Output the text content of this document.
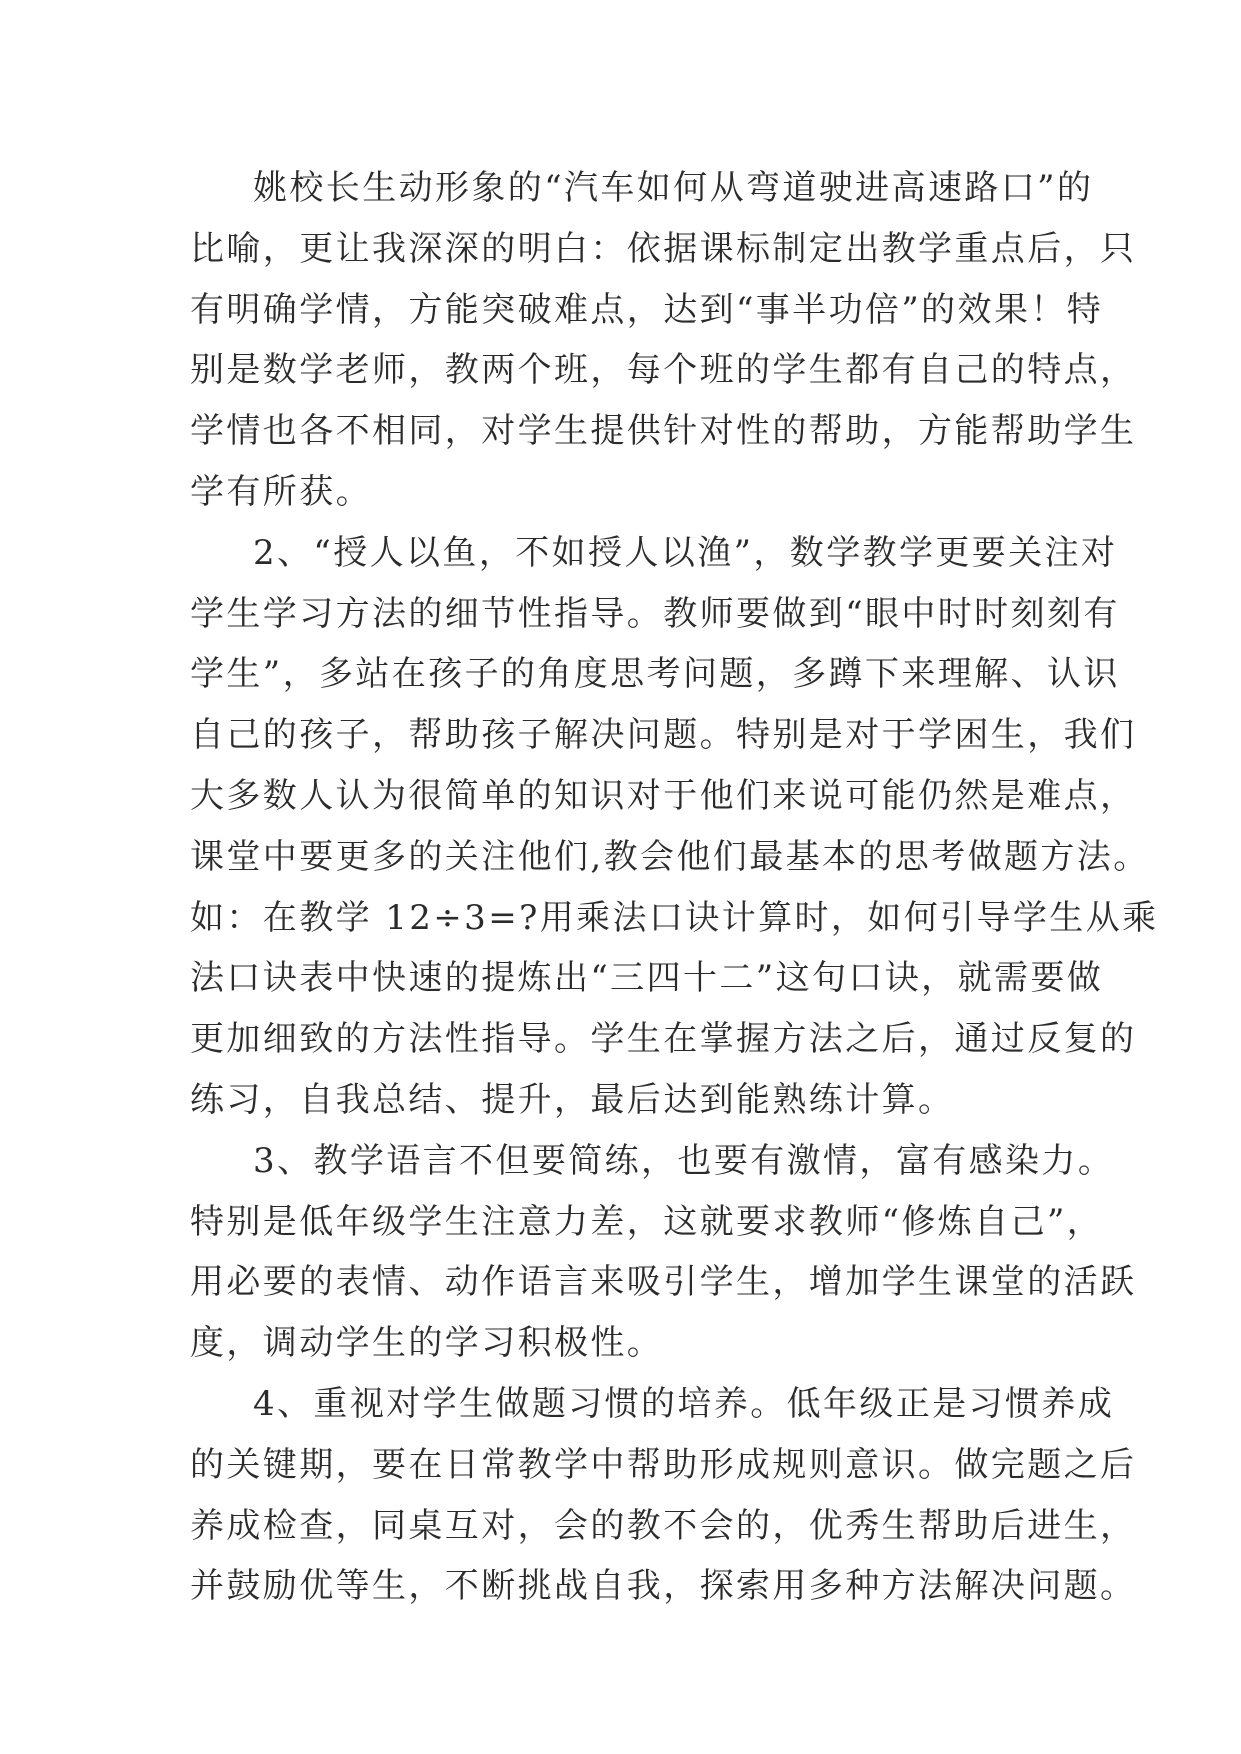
姚校长生动形象的“汽车如何从弯道驶进高速路口”的
比喻，更让我深深的明白：依据课标制定出教学重点后，只
有明确学情，方能突破难点，达到“事半功倍”的效果！特
别是数学老师，教两个班，每个班的学生都有自己的特点，
学情也各不相同，对学生提供针对性的帮助，方能帮助学生
学有所获。
2、“授人以鱼，不如授人以渔”，数学教学更要关注对
学生学习方法的细节性指导。教师要做到“眼中时时刻刻有
学生”，多站在孩子的角度思考问题，多蹲下来理解、认识
自己的孩子，帮助孩子解决问题。特别是对于学困生，我们
大多数人认为很简单的知识对于他们来说可能仍然是难点，
课堂中要更多的关注他们,教会他们最基本的思考做题方法。
如：在教学 12÷3=?用乘法口诀计算时，如何引导学生从乘
法口诀表中快速的提炼出“三四十二”这句口诀，就需要做
更加细致的方法性指导。学生在掌握方法之后，通过反复的
练习，自我总结、提升，最后达到能熟练计算。
3、教学语言不但要简练，也要有激情，富有感染力。
特别是低年级学生注意力差，这就要求教师“修炼自己”，
用必要的表情、动作语言来吸引学生，增加学生课堂的活跃
度，调动学生的学习积极性。
4、重视对学生做题习惯的培养。低年级正是习惯养成
的关键期，要在日常教学中帮助形成规则意识。做完题之后
养成检查，同桌互对，会的教不会的，优秀生帮助后进生，
并鼓励优等生，不断挑战自我，探索用多种方法解决问题。
